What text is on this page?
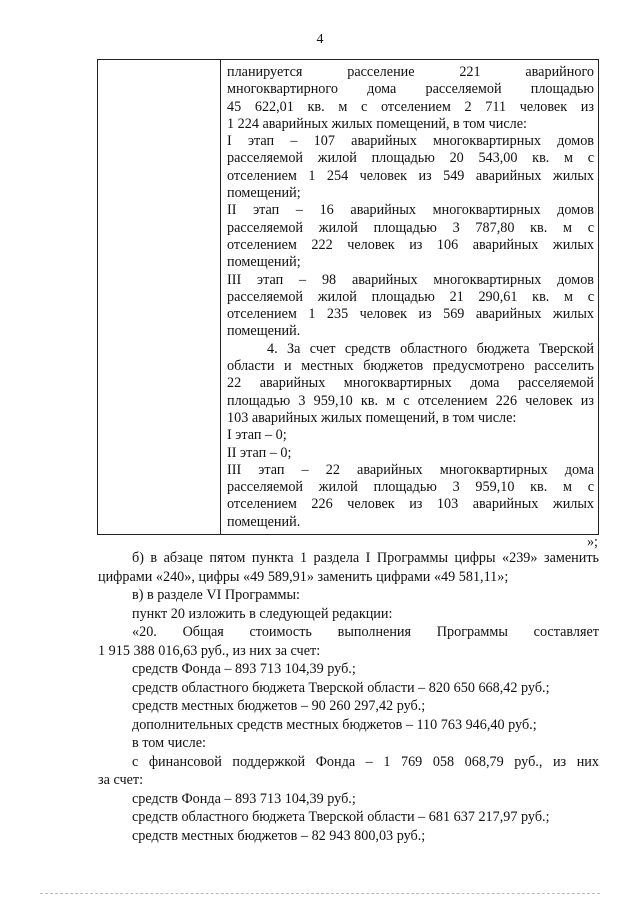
4
планируется расселение 221 аварийного
многоквартирного дома расселяемой площадью
45 622,01 кв. м с отселением 2 711 человек из
1 224 аварийных жилых помещений, в том числе:
I этап – 107 аварийных многоквартирных домов
расселяемой жилой площадью 20 543,00 кв. м с
отселением 1 254 человек из 549 аварийных жилых
помещений;
II этап – 16 аварийных многоквартирных домов
расселяемой жилой площадью 3 787,80 кв. м с
отселением 222 человек из 106 аварийных жилых
помещений;
III этап – 98 аварийных многоквартирных домов
расселяемой жилой площадью 21 290,61 кв. м с
отселением 1 235 человек из 569 аварийных жилых
помещений.
4. За счет средств областного бюджета Тверской
области и местных бюджетов предусмотрено расселить
22 аварийных многоквартирных дома расселяемой
площадью 3 959,10 кв. м с отселением 226 человек из
103 аварийных жилых помещений, в том числе:
I этап – 0;
II этап – 0;
III этап – 22 аварийных многоквартирных дома
расселяемой жилой площадью 3 959,10 кв. м с
отселением 226 человек из 103 аварийных жилых
помещений.
»;
б) в абзаце пятом пункта 1 раздела I Программы цифры «239» заменить
цифрами «240», цифры «49 589,91» заменить цифрами «49 581,11»;
в) в разделе VI Программы:
пункт 20 изложить в следующей редакции:
«20. Общая стоимость выполнения Программы составляет
1 915 388 016,63 руб., из них за счет:
средств Фонда – 893 713 104,39 руб.;
средств областного бюджета Тверской области – 820 650 668,42 руб.;
средств местных бюджетов – 90 260 297,42 руб.;
дополнительных средств местных бюджетов – 110 763 946,40 руб.;
в том числе:
с финансовой поддержкой Фонда – 1 769 058 068,79 руб., из них
за счет:
средств Фонда – 893 713 104,39 руб.;
средств областного бюджета Тверской области – 681 637 217,97 руб.;
средств местных бюджетов – 82 943 800,03 руб.;
